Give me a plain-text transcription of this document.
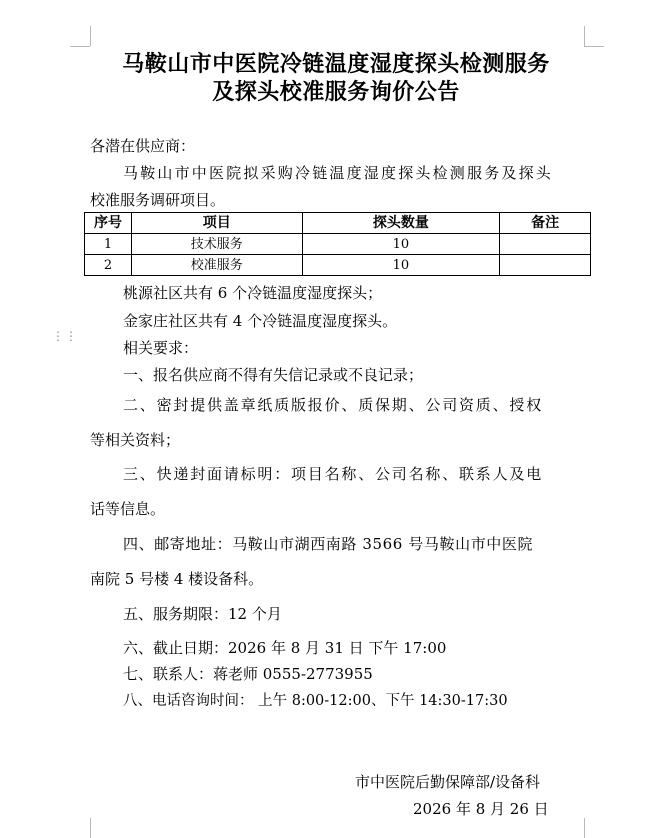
马鞍山市中医院冷链温度湿度探头检测服务
及探头校准服务询价公告
各潜在供应商：
马鞍山市中医院拟采购冷链温度湿度探头检测服务及探头
校准服务调研项目。
序号	项目	探头数量	备注
1	技术服务	10	
2	校准服务	10	
桃源社区共有 6 个冷链温度湿度探头；
金家庄社区共有 4 个冷链温度湿度探头。
⋮⋮
相关要求：
一、报名供应商不得有失信记录或不良记录；
二、密封提供盖章纸质版报价、质保期、公司资质、授权
等相关资料；
三、快递封面请标明：项目名称、公司名称、联系人及电
话等信息。
四、邮寄地址：马鞍山市湖西南路 3566 号马鞍山市中医院
南院 5 号楼 4 楼设备科。
五、服务期限：12 个月
六、截止日期：2026 年 8 月 31 日 下午 17:00
七、联系人：蒋老师 0555-2773955
八、电话咨询时间： 上午 8:00-12:00、下午 14:30-17:30
市中医院后勤保障部/设备科
2026 年 8 月 26 日
